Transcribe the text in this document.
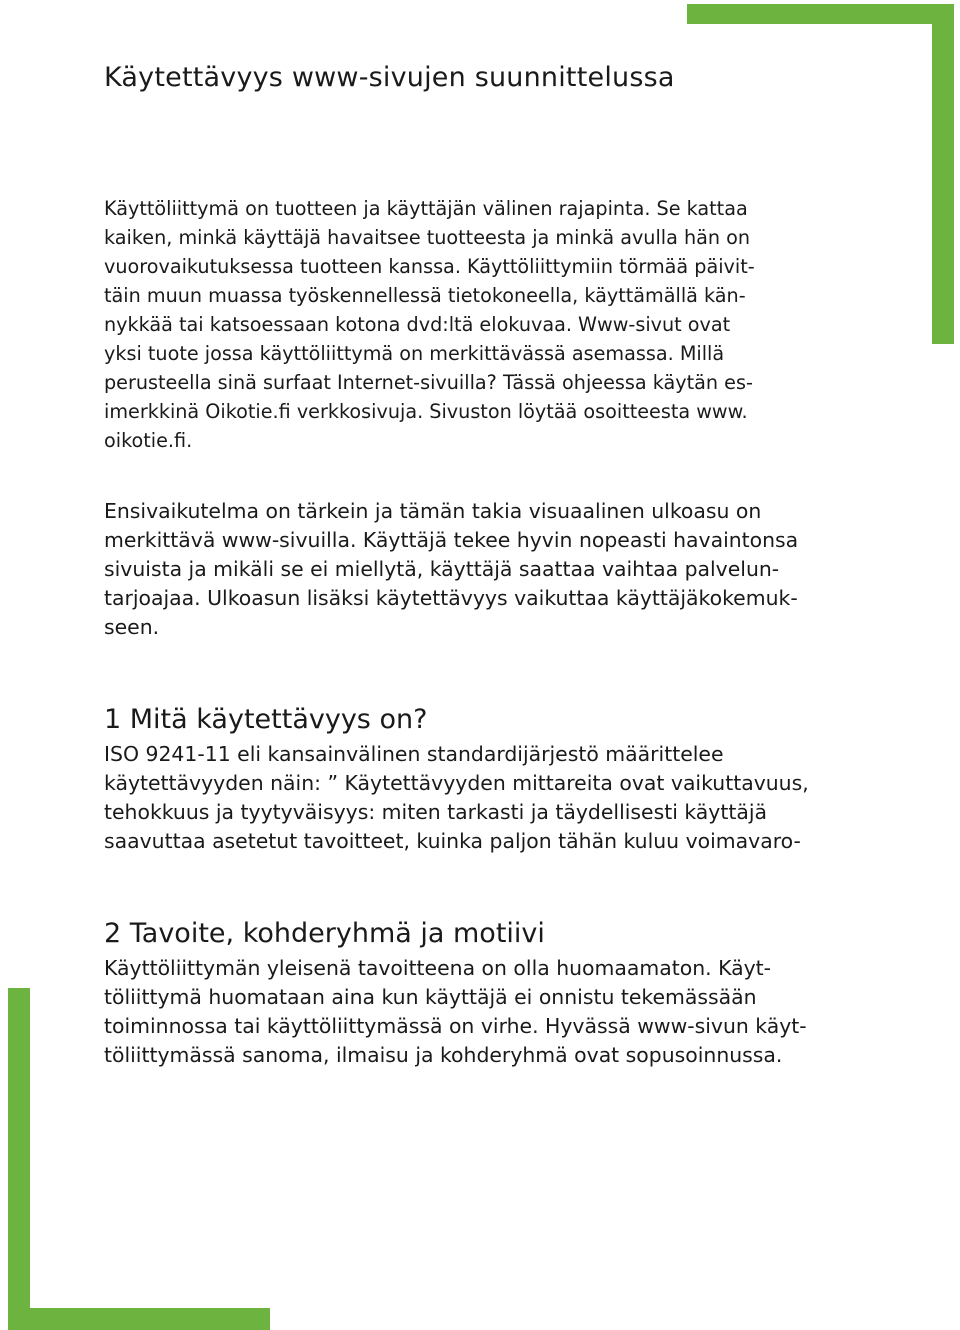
Käytettävyys www-sivujen suunnittelussa

Käyttöliittymä on tuotteen ja käyttäjän välinen rajapinta. Se kattaa
kaiken, minkä käyttäjä havaitsee tuotteesta ja minkä avulla hän on
vuorovaikutuksessa tuotteen kanssa. Käyttöliittymiin törmää päivit-
täin muun muassa työskennellessä tietokoneella, käyttämällä kän-
nykkää tai katsoessaan kotona dvd:ltä elokuvaa. Www-sivut ovat
yksi tuote jossa käyttöliittymä on merkittävässä asemassa. Millä
perusteella sinä surfaat Internet-sivuilla? Tässä ohjeessa käytän es-
imerkkinä Oikotie.fi verkkosivuja. Sivuston löytää osoitteesta www.
oikotie.fi.

Ensivaikutelma on tärkein ja tämän takia visuaalinen ulkoasu on
merkittävä www-sivuilla. Käyttäjä tekee hyvin nopeasti havaintonsa
sivuista ja mikäli se ei miellytä, käyttäjä saattaa vaihtaa palvelun-
tarjoajaa. Ulkoasun lisäksi käytettävyys vaikuttaa käyttäjäkokemuk-
seen.

1 Mitä käytettävyys on?

ISO 9241-11 eli kansainvälinen standardijärjestö määrittelee
käytettävyyden näin: ” Käytettävyyden mittareita ovat vaikuttavuus,
tehokkuus ja tyytyväisyys: miten tarkasti ja täydellisesti käyttäjä
saavuttaa asetetut tavoitteet, kuinka paljon tähän kuluu voimavaro-

2 Tavoite, kohderyhmä ja motiivi

Käyttöliittymän yleisenä tavoitteena on olla huomaamaton. Käyt-
töliittymä huomataan aina kun käyttäjä ei onnistu tekemässään
toiminnossa tai käyttöliittymässä on virhe. Hyvässä www-sivun käyt-
töliittymässä sanoma, ilmaisu ja kohderyhmä ovat sopusoinnussa.
